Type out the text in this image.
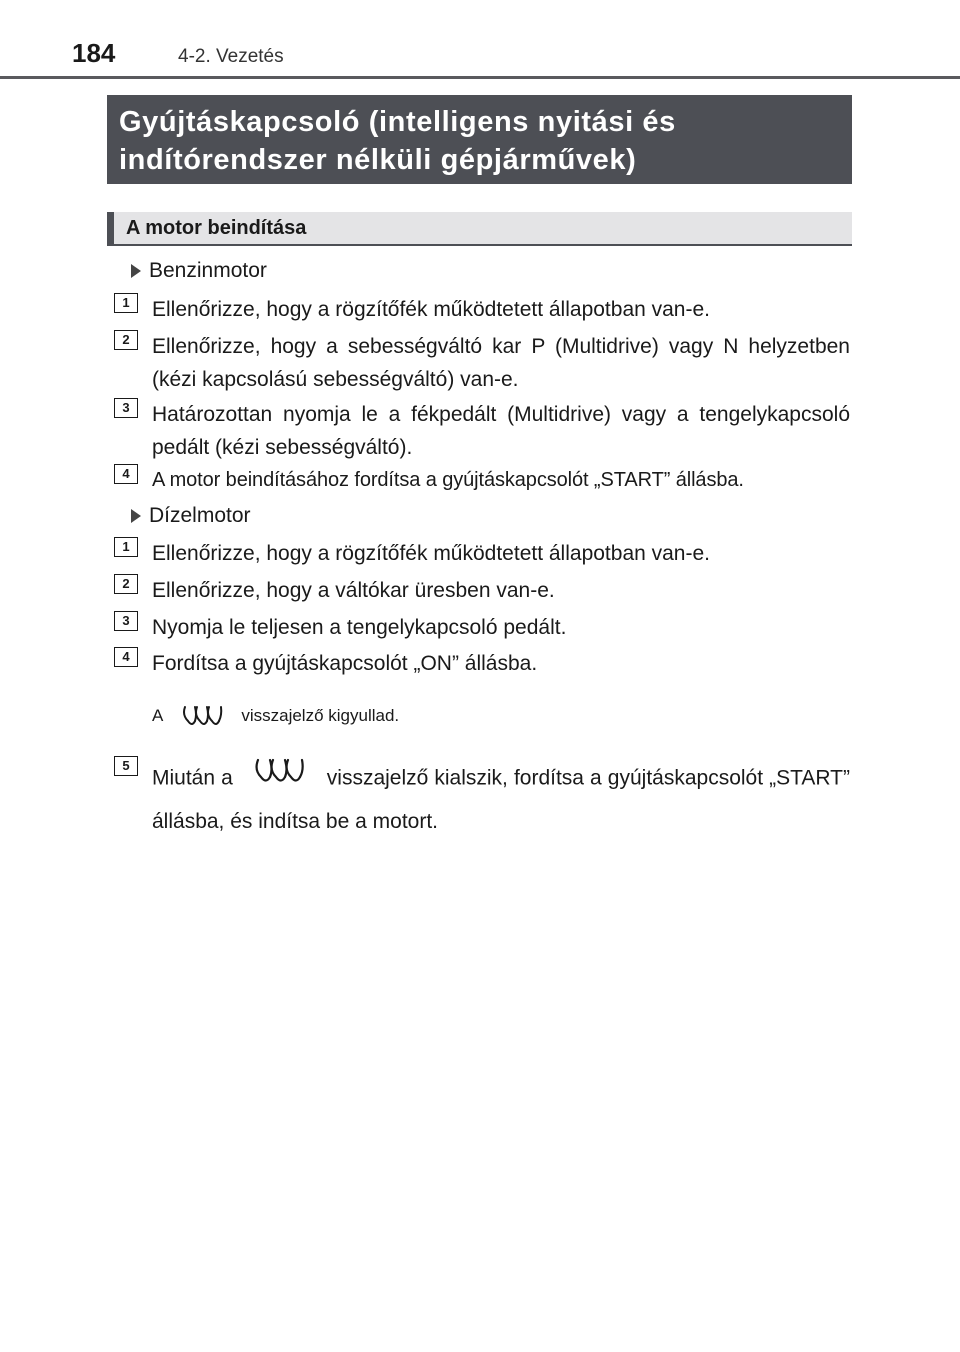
184	4-2. Vezetés
Gyújtáskapcsoló (intelligens nyitási és
indítórendszer nélküli gépjárművek)
A motor beindítása
Benzinmotor
1	Ellenőrizze, hogy a rögzítőfék működtetett állapotban van-e.
2	Ellenőrizze, hogy a sebességváltó kar P (Multidrive) vagy N helyzetben (kézi kapcsolású sebességváltó) van-e.
3	Határozottan nyomja le a fékpedált (Multidrive) vagy a tengelykapcsoló pedált (kézi sebességváltó).
4	A motor beindításához fordítsa a gyújtáskapcsolót „START” állásba.
Dízelmotor
1	Ellenőrizze, hogy a rögzítőfék működtetett állapotban van-e.
2	Ellenőrizze, hogy a váltókar üresben van-e.
3	Nyomja le teljesen a tengelykapcsoló pedált.
4	Fordítsa a gyújtáskapcsolót „ON” állásba.
A	visszajelző kigyullad.
5
Miután a	visszajelző kialszik, fordítsa a gyújtáskapcsolót „START” állásba, és indítsa be a motort.
